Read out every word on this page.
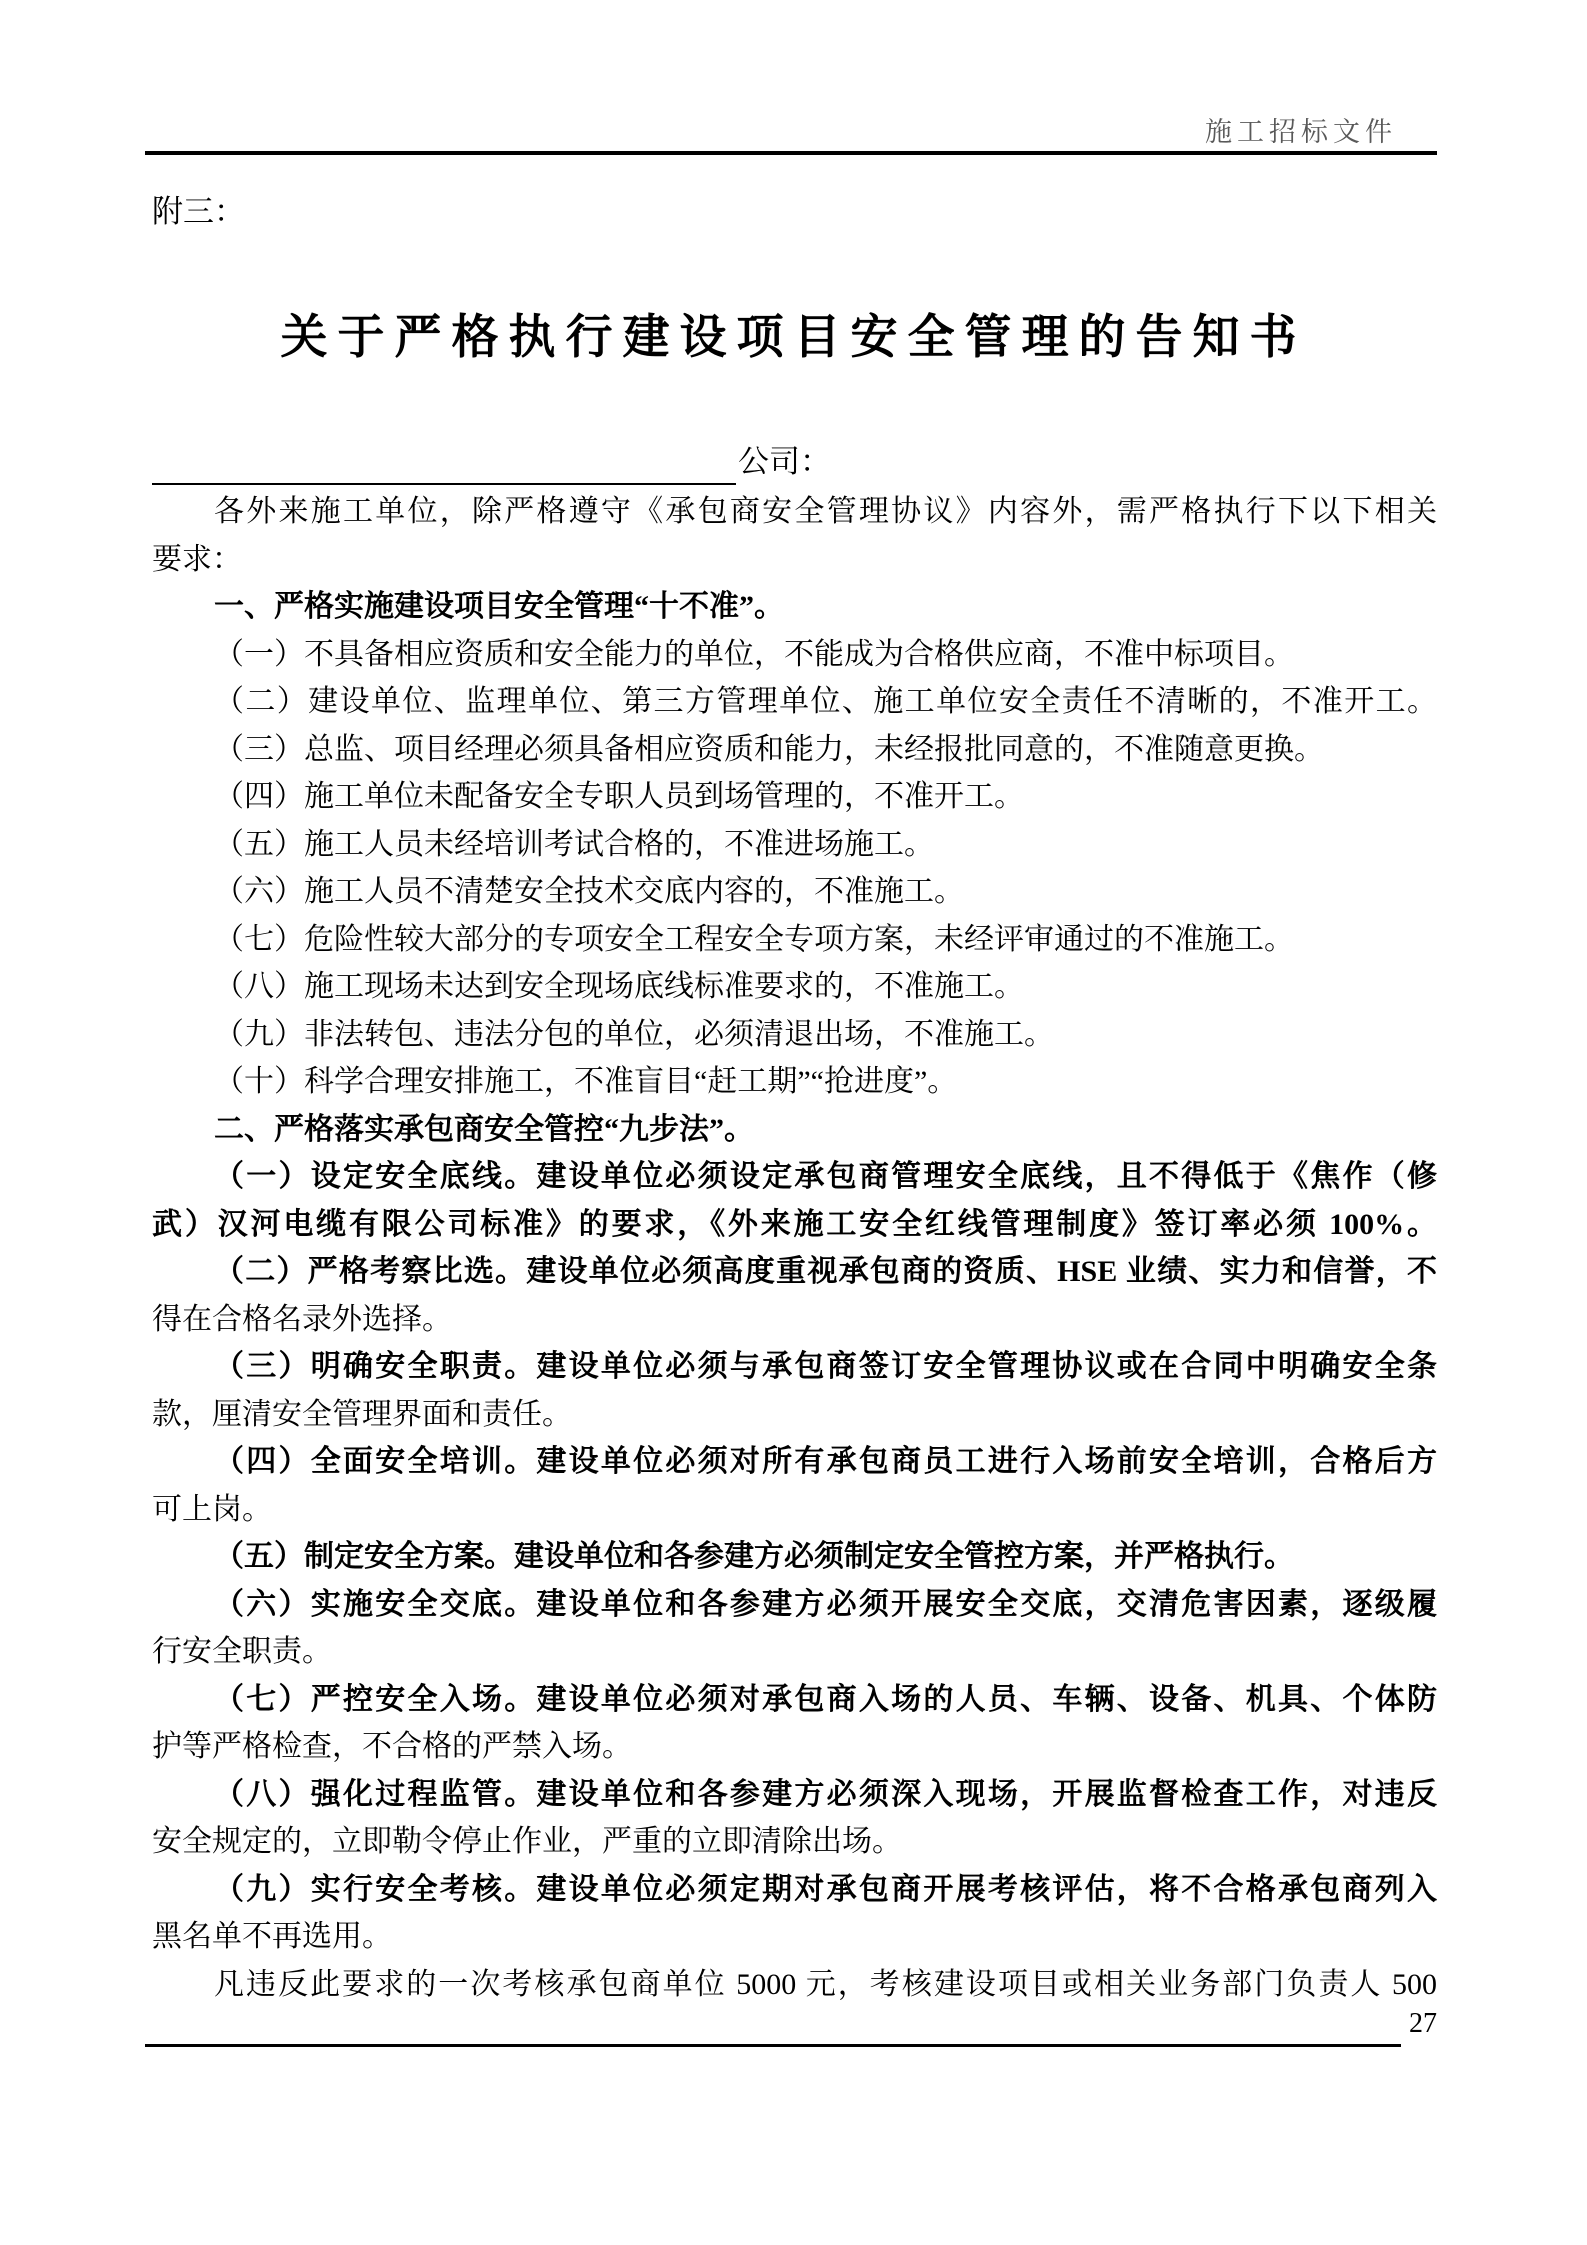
施工招标文件
附三：
关于严格执行建设项目安全管理的告知书
公司：
各外来施工单位，除严格遵守《承包商安全管理协议》内容外，需严格执行下以下相关
要求：
一、严格实施建设项目安全管理“十不准”。
（一）不具备相应资质和安全能力的单位，不能成为合格供应商，不准中标项目。
（二）建设单位、监理单位、第三方管理单位、施工单位安全责任不清晰的，不准开工。
（三）总监、项目经理必须具备相应资质和能力，未经报批同意的，不准随意更换。
（四）施工单位未配备安全专职人员到场管理的，不准开工。
（五）施工人员未经培训考试合格的，不准进场施工。
（六）施工人员不清楚安全技术交底内容的，不准施工。
（七）危险性较大部分的专项安全工程安全专项方案，未经评审通过的不准施工。
（八）施工现场未达到安全现场底线标准要求的，不准施工。
（九）非法转包、违法分包的单位，必须清退出场，不准施工。
（十）科学合理安排施工，不准盲目“赶工期”“抢进度”。
二、严格落实承包商安全管控“九步法”。
（一）设定安全底线。建设单位必须设定承包商管理安全底线，且不得低于《焦作（修
武）汉河电缆有限公司标准》的要求，《外来施工安全红线管理制度》签订率必须 100%。
（二）严格考察比选。建设单位必须高度重视承包商的资质、HSE 业绩、实力和信誉，不
得在合格名录外选择。
（三）明确安全职责。建设单位必须与承包商签订安全管理协议或在合同中明确安全条
款，厘清安全管理界面和责任。
（四）全面安全培训。建设单位必须对所有承包商员工进行入场前安全培训，合格后方
可上岗。
（五）制定安全方案。建设单位和各参建方必须制定安全管控方案，并严格执行。
（六）实施安全交底。建设单位和各参建方必须开展安全交底，交清危害因素，逐级履
行安全职责。
（七）严控安全入场。建设单位必须对承包商入场的人员、车辆、设备、机具、个体防
护等严格检查，不合格的严禁入场。
（八）强化过程监管。建设单位和各参建方必须深入现场，开展监督检查工作，对违反
安全规定的，立即勒令停止作业，严重的立即清除出场。
（九）实行安全考核。建设单位必须定期对承包商开展考核评估，将不合格承包商列入
黑名单不再选用。
凡违反此要求的一次考核承包商单位 5000 元，考核建设项目或相关业务部门负责人 500
27
